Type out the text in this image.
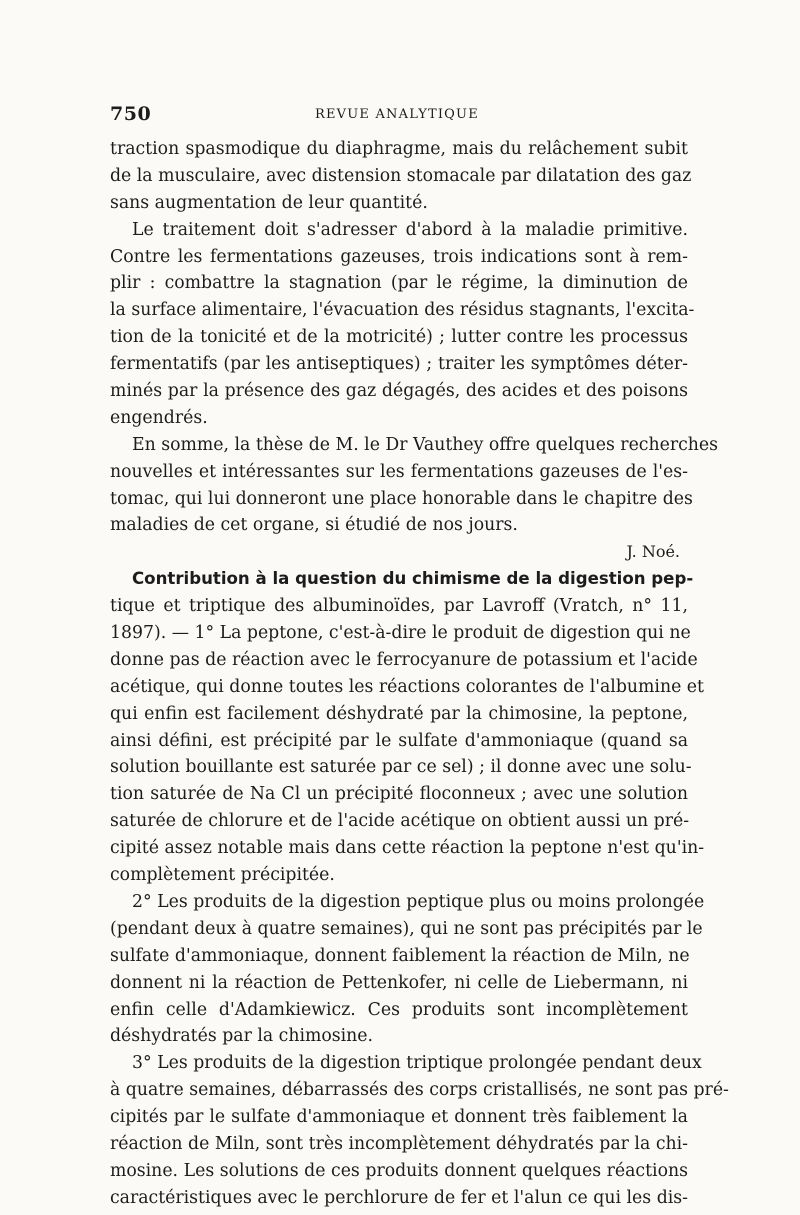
750	REVUE ANALYTIQUE
traction spasmodique du diaphragme, mais du relâchement subit
de la musculaire, avec distension stomacale par dilatation des gaz
sans augmentation de leur quantité.
Le traitement doit s'adresser d'abord à la maladie primitive.
Contre les fermentations gazeuses, trois indications sont à rem-
plir : combattre la stagnation (par le régime, la diminution de
la surface alimentaire, l'évacuation des résidus stagnants, l'excita-
tion de la tonicité et de la motricité) ; lutter contre les processus
fermentatifs (par les antiseptiques) ; traiter les symptômes déter-
minés par la présence des gaz dégagés, des acides et des poisons
engendrés.
En somme, la thèse de M. le Dr Vauthey offre quelques recherches
nouvelles et intéressantes sur les fermentations gazeuses de l'es-
tomac, qui lui donneront une place honorable dans le chapitre des
maladies de cet organe, si étudié de nos jours.
J. Noé.
Contribution à la question du chimisme de la digestion pep-
tique et triptique des albuminoïdes, par Lavroff (Vratch, n° 11,
1897). — 1° La peptone, c'est-à-dire le produit de digestion qui ne
donne pas de réaction avec le ferrocyanure de potassium et l'acide
acétique, qui donne toutes les réactions colorantes de l'albumine et
qui enfin est facilement déshydraté par la chimosine, la peptone,
ainsi défini, est précipité par le sulfate d'ammoniaque (quand sa
solution bouillante est saturée par ce sel) ; il donne avec une solu-
tion saturée de Na Cl un précipité floconneux ; avec une solution
saturée de chlorure et de l'acide acétique on obtient aussi un pré-
cipité assez notable mais dans cette réaction la peptone n'est qu'in-
complètement précipitée.
2° Les produits de la digestion peptique plus ou moins prolongée
(pendant deux à quatre semaines), qui ne sont pas précipités par le
sulfate d'ammoniaque, donnent faiblement la réaction de Miln, ne
donnent ni la réaction de Pettenkofer, ni celle de Liebermann, ni
enfin celle d'Adamkiewicz. Ces produits sont incomplètement
déshydratés par la chimosine.
3° Les produits de la digestion triptique prolongée pendant deux
à quatre semaines, débarrassés des corps cristallisés, ne sont pas pré-
cipités par le sulfate d'ammoniaque et donnent très faiblement la
réaction de Miln, sont très incomplètement déhydratés par la chi-
mosine. Les solutions de ces produits donnent quelques réactions
caractéristiques avec le perchlorure de fer et l'alun ce qui les dis-
